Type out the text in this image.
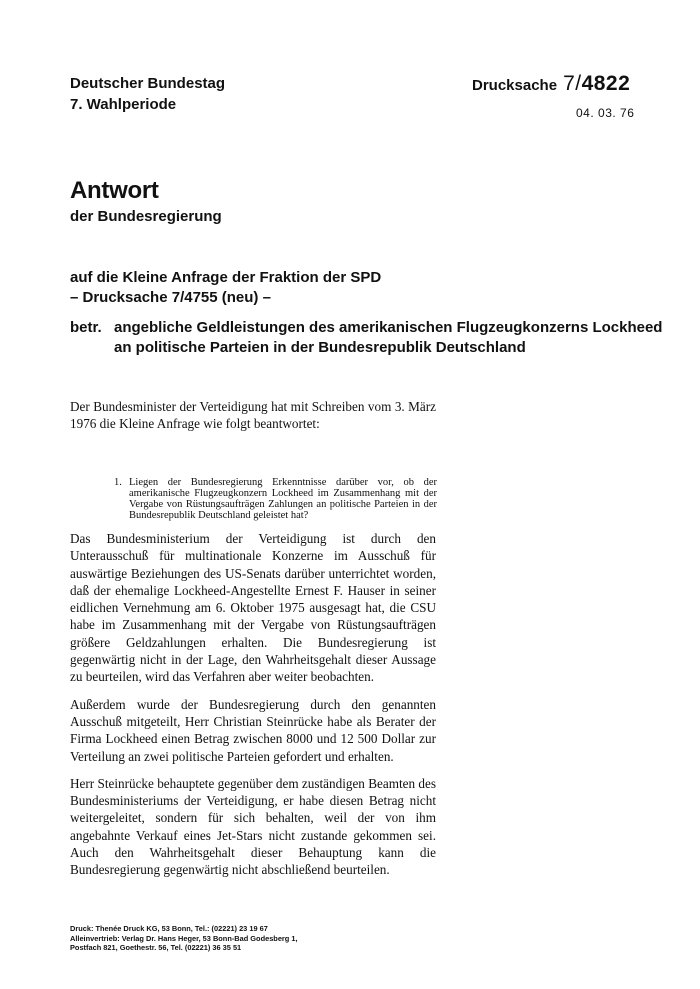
Deutscher Bundestag
7. Wahlperiode
Drucksache 7/4822
04. 03. 76
Antwort
der Bundesregierung
auf die Kleine Anfrage der Fraktion der SPD
– Drucksache 7/4755 (neu) –
betr. angebliche Geldleistungen des amerikanischen Flugzeugkonzerns Lockheed
an politische Parteien in der Bundesrepublik Deutschland
Der Bundesminister der Verteidigung hat mit Schreiben vom 3. März 1976 die Kleine Anfrage wie folgt beantwortet:
1. Liegen der Bundesregierung Erkenntnisse darüber vor, ob der amerikanische Flugzeugkonzern Lockheed im Zusammenhang mit der Vergabe von Rüstungsaufträgen Zahlungen an politische Parteien in der Bundesrepublik Deutschland geleistet hat?

Das Bundesministerium der Verteidigung ist durch den Unterausschuß für multinationale Konzerne im Ausschuß für auswärtige Beziehungen des US-Senats darüber unterrichtet worden, daß der ehemalige Lockheed-Angestellte Ernest F. Hauser in seiner eidlichen Vernehmung am 6. Oktober 1975 ausgesagt hat, die CSU habe im Zusammenhang mit der Vergabe von Rüstungsaufträgen größere Geldzahlungen erhalten. Die Bundesregierung ist gegenwärtig nicht in der Lage, den Wahrheitsgehalt dieser Aussage zu beurteilen, wird das Verfahren aber weiter beobachten.

Außerdem wurde der Bundesregierung durch den genannten Ausschuß mitgeteilt, Herr Christian Steinrücke habe als Berater der Firma Lockheed einen Betrag zwischen 8000 und 12 500 Dollar zur Verteilung an zwei politische Parteien gefordert und erhalten.

Herr Steinrücke behauptete gegenüber dem zuständigen Beamten des Bundesministeriums der Verteidigung, er habe diesen Betrag nicht weitergeleitet, sondern für sich behalten, weil der von ihm angebahnte Verkauf eines Jet-Stars nicht zustande gekommen sei. Auch den Wahrheitsgehalt dieser Behauptung kann die Bundesregierung gegenwärtig nicht abschließend beurteilen.

Druck: Thenée Druck KG, 53 Bonn, Tel.: (02221) 23 19 67
Alleinvertrieb: Verlag Dr. Hans Heger, 53 Bonn-Bad Godesberg 1,
Postfach 821, Goethestr. 56, Tel. (02221) 36 35 51
